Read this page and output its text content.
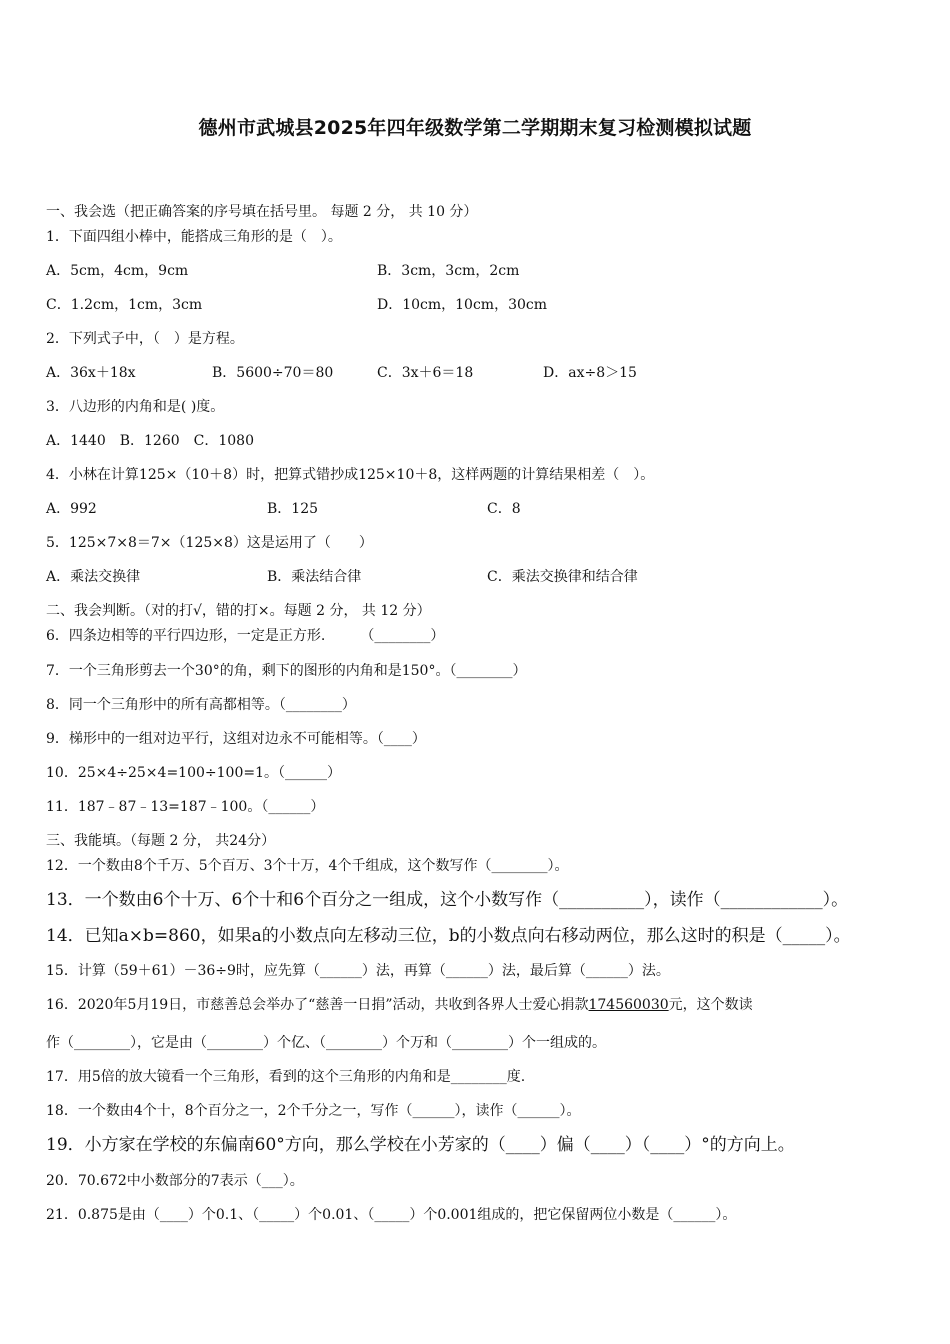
德州市武城县2025年四年级数学第二学期期末复习检测模拟试题
一、我会选（把正确答案的序号填在括号里。 每题 2 分， 共 10 分）
1．下面四组小棒中，能搭成三角形的是（　）。
A．5cm，4cm，9cm	B．3cm，3cm，2cm
C．1.2cm，1cm，3cm	D．10cm，10cm，30cm
2．下列式子中，（　）是方程。
A．36x＋18x	B．5600÷70＝80	C．3x＋6＝18	D．ax÷8＞15
3．八边形的内角和是( )度。
A．1440　B．1260　C．1080
4．小林在计算125×（10＋8）时，把算式错抄成125×10＋8，这样两题的计算结果相差（　）。
A．992	B．125	C．8
5．125×7×8＝7×（125×8）这是运用了（　　）
A．乘法交换律	B．乘法结合律	C．乘法交换律和结合律
二、我会判断。（对的打√，错的打×。每题 2 分， 共 12 分）
6．四条边相等的平行四边形，一定是正方形.　　　（________）
7．一个三角形剪去一个30°的角，剩下的图形的内角和是150°。（________）
8．同一个三角形中的所有高都相等。（________）
9．梯形中的一组对边平行，这组对边永不可能相等。（____）
10．25×4÷25×4=100÷100=1。（______）
11．187﹣87﹣13=187﹣100。（______）
三、我能填。（每题 2 分， 共24分）
12．一个数由8个千万、5个百万、3个十万，4个千组成，这个数写作（________）。
13．一个数由6个十万、6个十和6个百分之一组成，这个小数写作（__________），读作（____________）。
14．已知a×b=860，如果a的小数点向左移动三位，b的小数点向右移动两位，那么这时的积是（_____）。
15．计算（59＋61）－36÷9时，应先算（______）法，再算（______）法，最后算（______）法。
16．2020年5月19日，市慈善总会举办了“慈善一日捐”活动，共收到各界人士爱心捐款174560030元，这个数读
作（________），它是由（________）个亿、（________）个万和（________）个一组成的。
17．用5倍的放大镜看一个三角形，看到的这个三角形的内角和是________度.
18．一个数由4个十，8个百分之一，2个千分之一，写作（______），读作（______）。
19．小方家在学校的东偏南60°方向，那么学校在小芳家的（____）偏（____）（____）°的方向上。
20．70.672中小数部分的7表示（___）。
21．0.875是由（____）个0.1、（_____）个0.01、（_____）个0.001组成的，把它保留两位小数是（______）。
